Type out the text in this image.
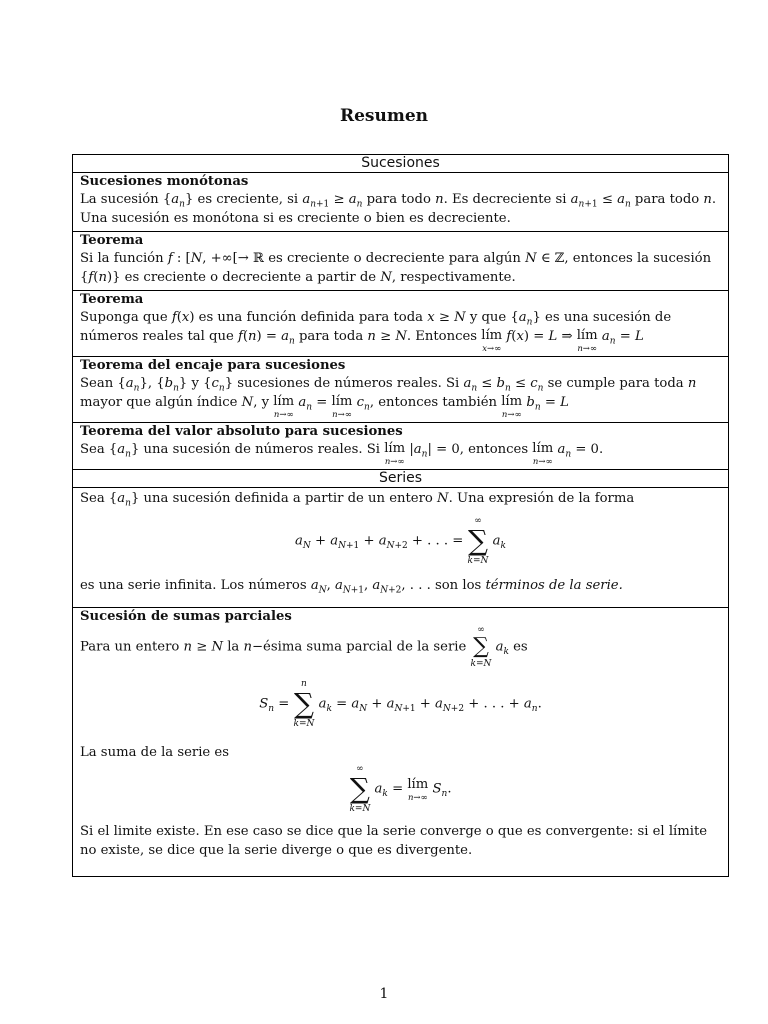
Resumen
Sucesiones
Sucesiones monótonas
La sucesión $\{a_n\}$ es creciente, si $a_{n+1} \ge a_n$ para todo n. Es decreciente si $a_{n+1} \le a_n$ para todo n. Una sucesión es monótona si es creciente o bien es decreciente.
Teorema
Si la función f : [N, +∞[→ ℝ es creciente o decreciente para algún N ∈ ℤ, entonces la sucesión {f(n)} es creciente o decreciente a partir de N, respectivamente.
Teorema
Suponga que f(x) es una función definida para toda x ≥ N y que $\{a_n\}$ es una sucesión de números reales tal que $f(n) = a_n$ para toda n ≥ N. Entonces lím
x→∞
f(x) = L ⇒ lím
n→∞
$a_n = L$
Teorema del encaje para sucesiones
Sean $\{a_n\}$, $\{b_n\}$ y $\{c_n\}$ sucesiones de números reales. Si $a_n \le b_n \le c_n$ se cumple para toda n mayor que algún índice N, y lím
n→∞
$a_n$ = lím
n→∞
$c_n$, entonces también lím
n→∞
$b_n = L$
Teorema del valor absoluto para sucesiones
Sea $\{a_n\}$ una sucesión de números reales. Si lím
n→∞
$|a_n| = 0$, entonces lím
n→∞
$a_n = 0$.
Series
Sea $\{a_n\}$ una sucesión definida a partir de un entero N. Una expresión de la forma
$a_N + a_{N+1} + a_{N+2}$ + . . . =
∞
∑
k=N
$a_k$
es una serie infinita. Los números $a_N$, $a_{N+1}$, $a_{N+2}$, . . . son los términos de la serie.
Sucesión de sumas parciales
Para un entero n ≥ N la n−ésima suma parcial de la serie
∞
∑
k=N
$a_k$ es
$S_n$ =
n
∑
k=N
$a_k = a_N + a_{N+1} + a_{N+2}$ + . . . + $a_n$.
La suma de la serie es
∞
∑
k=N
$a_k$ = lím
n→∞
$S_n$.
Si el limite existe. En ese caso se dice que la serie converge o que es convergente: si el límite no existe, se dice que la serie diverge o que es divergente.
1
